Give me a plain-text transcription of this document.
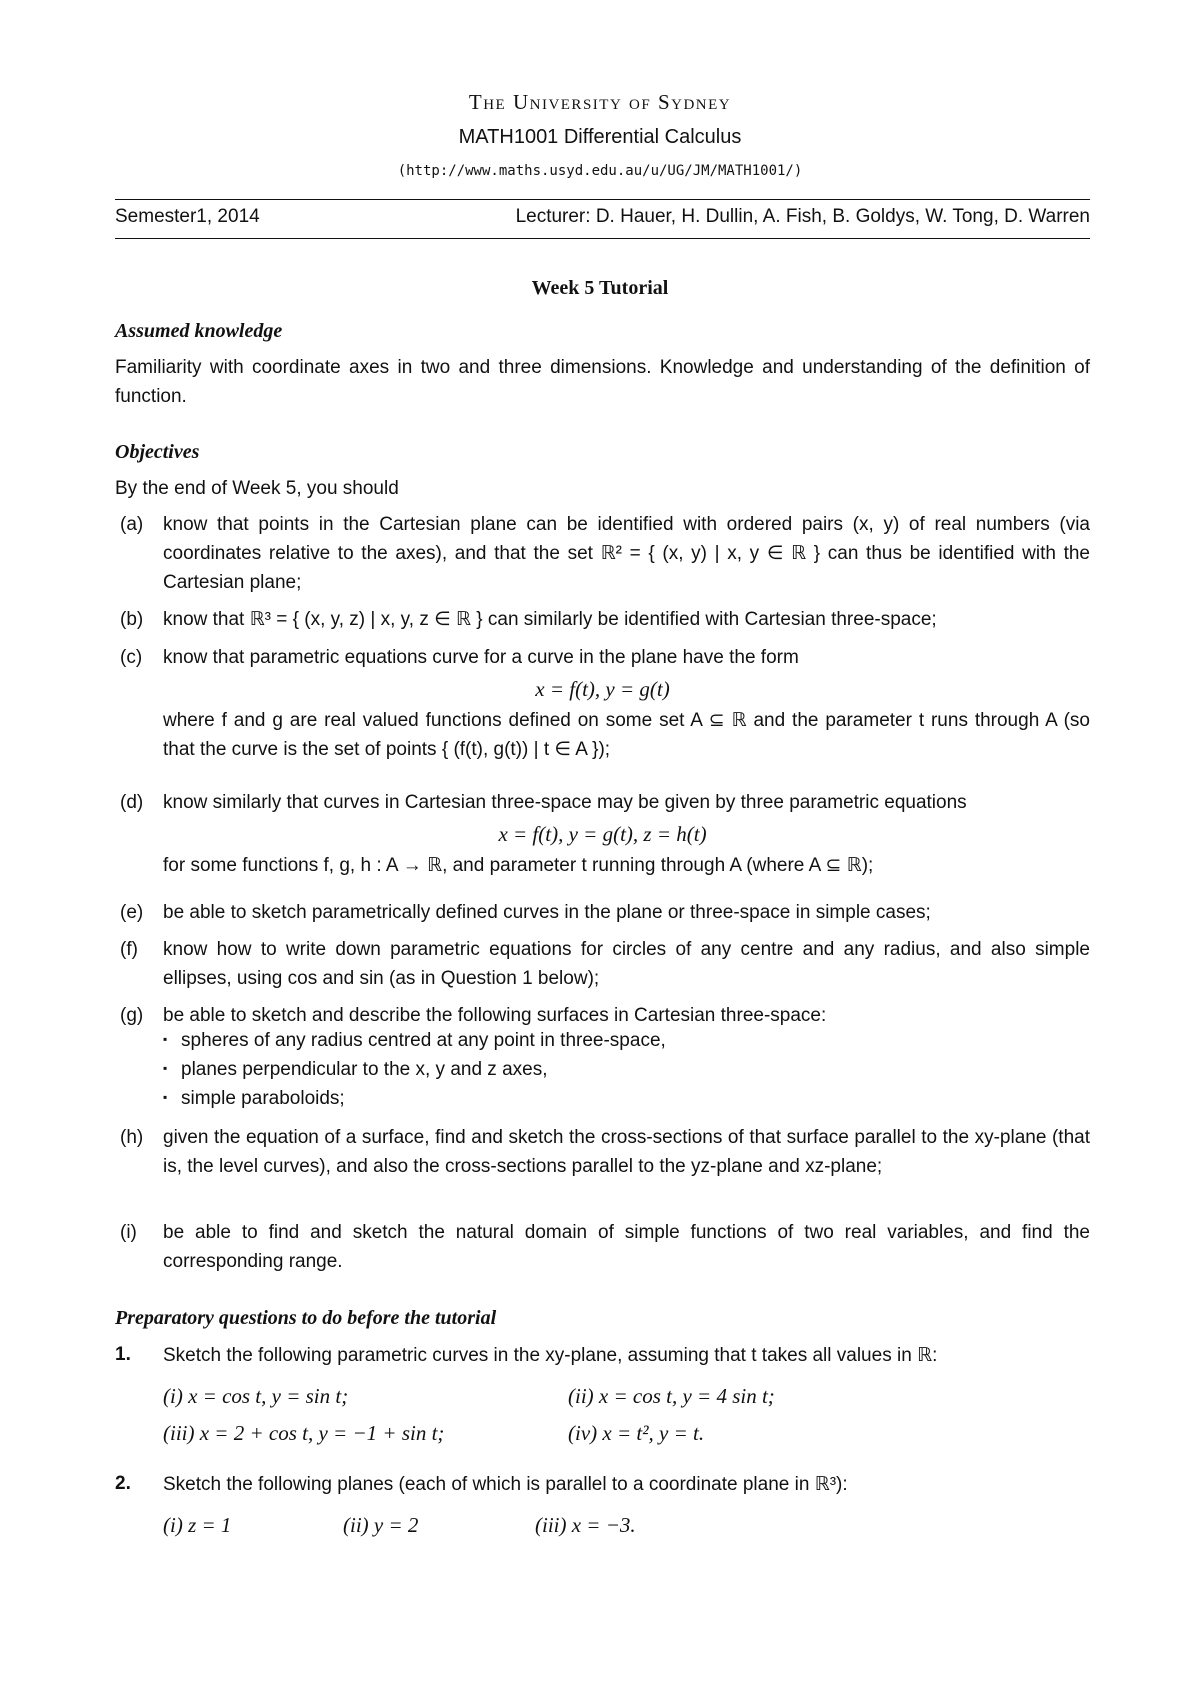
The University of Sydney
MATH1001 Differential Calculus
(http://www.maths.usyd.edu.au/u/UG/JM/MATH1001/)
Semester1, 2014	Lecturer: D. Hauer, H. Dullin, A. Fish, B. Goldys, W. Tong, D. Warren
Week 5 Tutorial
Assumed knowledge
Familiarity with coordinate axes in two and three dimensions. Knowledge and understanding of the definition of function.
Objectives
By the end of Week 5, you should
(a)	know that points in the Cartesian plane can be identified with ordered pairs (x, y) of real numbers (via coordinates relative to the axes), and that the set ℝ² = { (x, y) | x, y ∈ ℝ } can thus be identified with the Cartesian plane;
(b)	know that ℝ³ = { (x, y, z) | x, y, z ∈ ℝ } can similarly be identified with Cartesian three-space;
(c)	know that parametric equations curve for a curve in the plane have the form
x = f(t), y = g(t)
where f and g are real valued functions defined on some set A ⊆ ℝ and the parameter t runs through A (so that the curve is the set of points { (f(t), g(t)) | t ∈ A });
(d)	know similarly that curves in Cartesian three-space may be given by three parametric equations
x = f(t), y = g(t), z = h(t)
for some functions f, g, h : A → ℝ, and parameter t running through A (where A ⊆ ℝ);
(e)	be able to sketch parametrically defined curves in the plane or three-space in simple cases;
(f)	know how to write down parametric equations for circles of any centre and any radius, and also simple ellipses, using cos and sin (as in Question 1 below);
(g)	be able to sketch and describe the following surfaces in Cartesian three-space:
▪ spheres of any radius centred at any point in three-space,
▪ planes perpendicular to the x, y and z axes,
▪ simple paraboloids;
(h)	given the equation of a surface, find and sketch the cross-sections of that surface parallel to the xy-plane (that is, the level curves), and also the cross-sections parallel to the yz-plane and xz-plane;
(i)	be able to find and sketch the natural domain of simple functions of two real variables, and find the corresponding range.
Preparatory questions to do before the tutorial
1. Sketch the following parametric curves in the xy-plane, assuming that t takes all values in ℝ:
(i) x = cos t, y = sin t;	(ii) x = cos t, y = 4 sin t;
(iii) x = 2 + cos t, y = −1 + sin t;	(iv) x = t², y = t.
2. Sketch the following planes (each of which is parallel to a coordinate plane in ℝ³):
(i) z = 1	(ii) y = 2	(iii) x = −3.
